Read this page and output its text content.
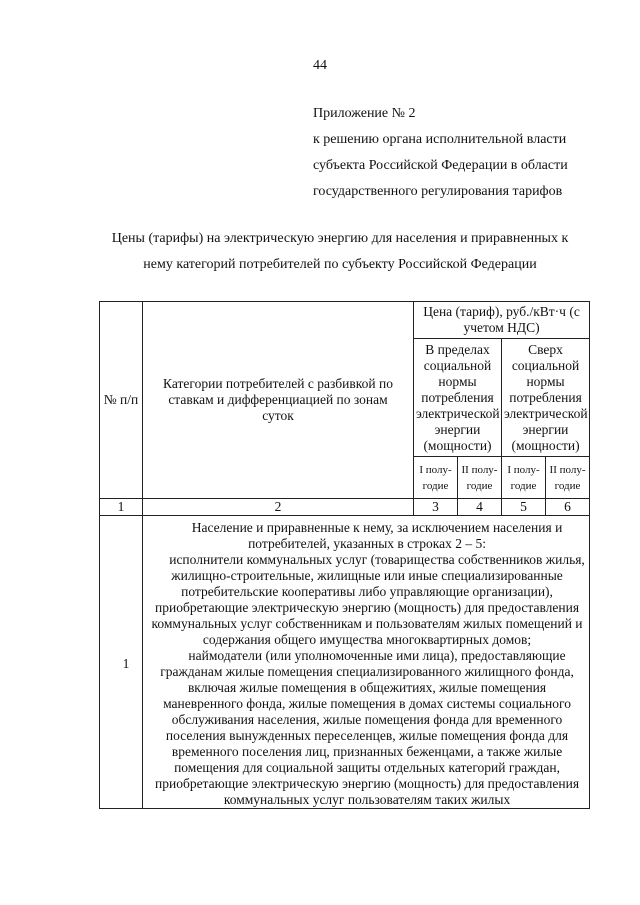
44
Приложение № 2
к решению органа исполнительной власти
субъекта Российской Федерации в области
государственного регулирования тарифов
Цены (тарифы) на электрическую энергию для населения и приравненных к
нему категорий потребителей по субъекту Российской Федерации
№ п/п	Категории потребителей с разбивкой по ставкам и дифференциацией по зонам суток	Цена (тариф), руб./кВт·ч (с учетом НДС)			
		В пределах социальной нормы потребления электрической энергии (мощности)		Сверх социальной нормы потребления электрической энергии (мощности)	
		I полу- годие	II полу- годие	I полу- годие	II полу- годие
1	2	3	4	5	6
1	Население и приравненные к нему, за исключением населения и потребителей, указанных в строках 2 – 5:

исполнители коммунальных услуг (товарищества собственников жилья, жилищно-строительные, жилищные или иные специализированные потребительские кооперативы либо управляющие организации), приобретающие электрическую энергию (мощность) для предоставления коммунальных услуг собственникам и пользователям жилых помещений и содержания общего имущества многоквартирных домов;

наймодатели (или уполномоченные ими лица), предоставляющие гражданам жилые помещения специализированного жилищного фонда, включая жилые помещения в общежитиях, жилые помещения маневренного фонда, жилые помещения в домах системы социального обслуживания населения, жилые помещения фонда для временного поселения вынужденных переселенцев, жилые помещения фонда для временного поселения лиц, признанных беженцами, а также жилые помещения для социальной защиты отдельных категорий граждан, приобретающие электрическую энергию (мощность) для предоставления коммунальных услуг пользователям таких жилых				
